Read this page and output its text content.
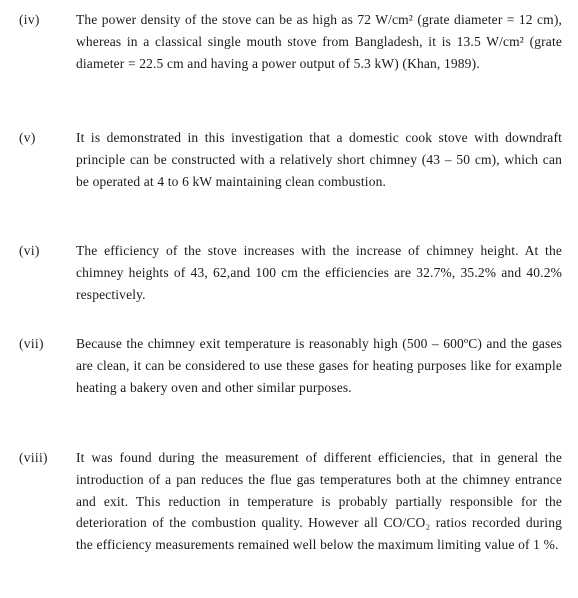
(iv)	The power density of the stove can be as high as 72 W/cm² (grate diameter = 12 cm), whereas in a classical single mouth stove from Bangladesh, it is 13.5 W/cm² (grate diameter = 22.5 cm and having a power output of 5.3 kW) (Khan, 1989).

(v)	It is demonstrated in this investigation that a domestic cook stove with downdraft principle can be constructed with a relatively short chimney (43 – 50 cm), which can be operated at 4 to 6 kW maintaining clean combustion.

(vi)	The efficiency of the stove increases with the increase of chimney height. At the chimney heights of 43, 62,and 100 cm the efficiencies are 32.7%, 35.2% and 40.2% respectively.

(vii) Because the chimney exit temperature is reasonably high (500 – 600ºC) and the gases are clean, it can be considered to use these gases for heating purposes like for example heating a bakery oven and other similar purposes.

(viii) It was found during the measurement of different efficiencies, that in general the introduction of a pan reduces the flue gas temperatures both at the chimney entrance and exit. This reduction in temperature is probably partially responsible for the deterioration of the combustion quality. However all CO/CO₂ ratios recorded during the efficiency measurements remained well below the maximum limiting value of 1 %.
